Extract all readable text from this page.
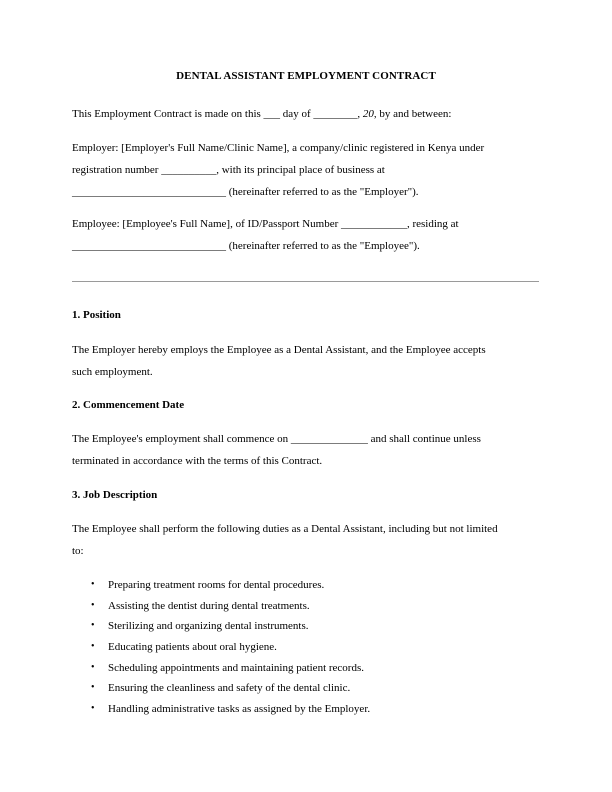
DENTAL ASSISTANT EMPLOYMENT CONTRACT

This Employment Contract is made on this ___ day of ________, 20, by and between:

Employer: [Employer's Full Name/Clinic Name], a company/clinic registered in Kenya under
registration number __________, with its principal place of business at
____________________________ (hereinafter referred to as the "Employer").
Employee: [Employee's Full Name], of ID/Passport Number ____________, residing at
____________________________ (hereinafter referred to as the "Employee").
1. Position
The Employer hereby employs the Employee as a Dental Assistant, and the Employee accepts
such employment.
2. Commencement Date
The Employee's employment shall commence on ______________ and shall continue unless
terminated in accordance with the terms of this Contract.
3. Job Description
The Employee shall perform the following duties as a Dental Assistant, including but not limited
to:
• Preparing treatment rooms for dental procedures.
• Assisting the dentist during dental treatments.
• Sterilizing and organizing dental instruments.
• Educating patients about oral hygiene.
• Scheduling appointments and maintaining patient records.
• Ensuring the cleanliness and safety of the dental clinic.
• Handling administrative tasks as assigned by the Employer.
